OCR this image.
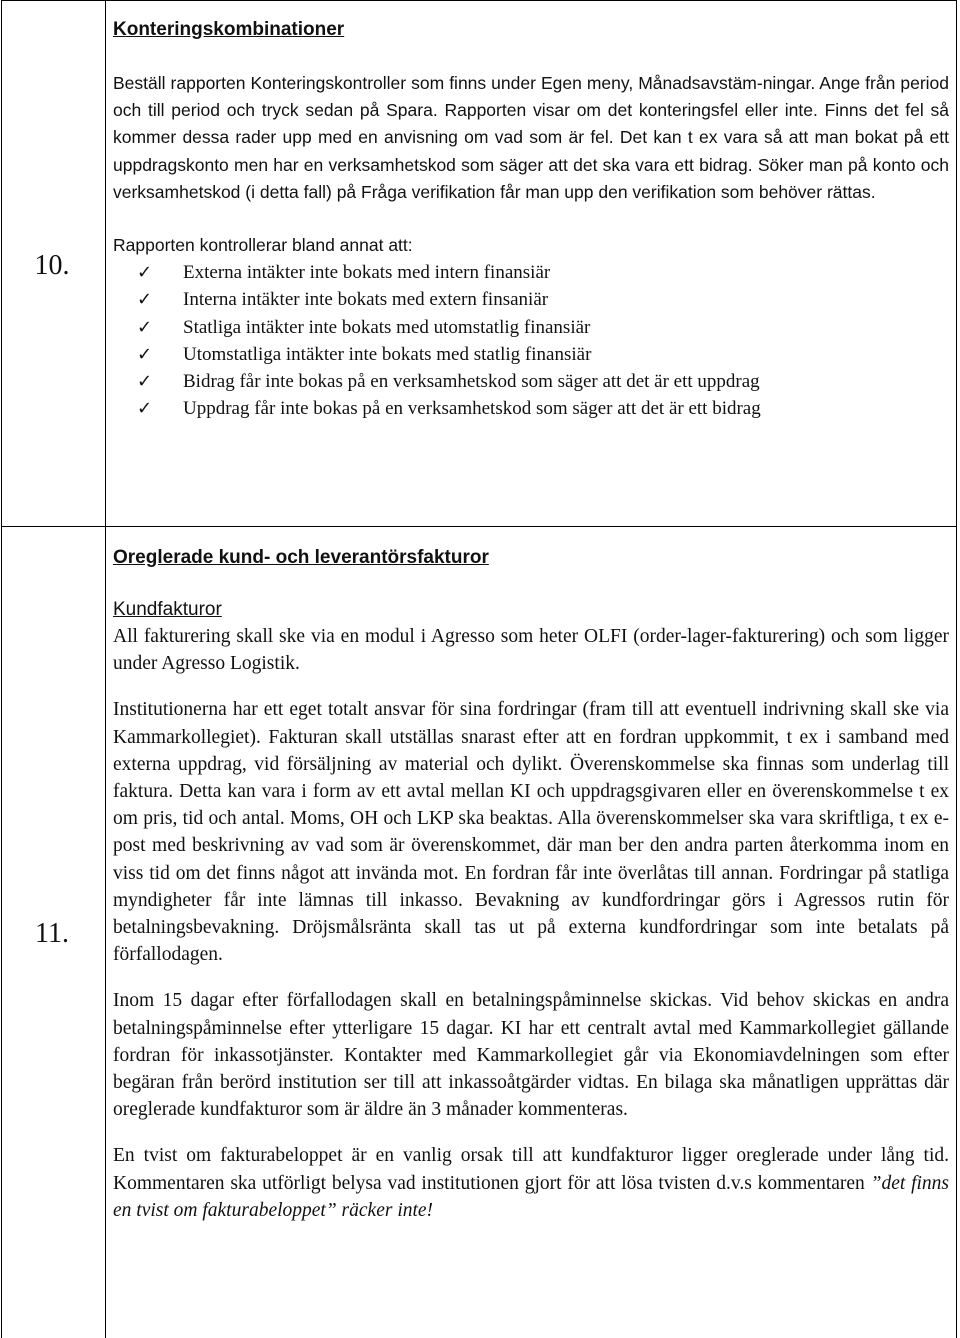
10.
Konteringskombinationer

Beställ rapporten Konteringskontroller som finns under Egen meny, Månadsavstäm-ningar. Ange från period och till period och tryck sedan på Spara. Rapporten visar om det konteringsfel eller inte. Finns det fel så kommer dessa rader upp med en anvisning om vad som är fel. Det kan t ex vara så att man bokat på ett uppdragskonto men har en verksamhetskod som säger att det ska vara ett bidrag. Söker man på konto och verksamhetskod (i detta fall) på Fråga verifikation får man upp den verifikation som behöver rättas.

Rapporten kontrollerar bland annat att:

✓ Externa intäkter inte bokats med intern finansiär
✓ Interna intäkter inte bokats med extern finsaniär
✓ Statliga intäkter inte bokats med utomstatlig finansiär
✓ Utomstatliga intäkter inte bokats med statlig finansiär
✓ Bidrag får inte bokas på en verksamhetskod som säger att det är ett uppdrag
✓ Uppdrag får inte bokas på en verksamhetskod som säger att det är ett bidrag
11.
Oreglerade kund- och leverantörsfakturor
Kundfakturor

All fakturering skall ske via en modul i Agresso som heter OLFI (order-lager-fakturering) och som ligger under Agresso Logistik.

Institutionerna har ett eget totalt ansvar för sina fordringar (fram till att eventuell indrivning skall ske via Kammarkollegiet). Fakturan skall utställas snarast efter att en fordran uppkommit, t ex i samband med externa uppdrag, vid försäljning av material och dylikt. Överenskommelse ska finnas som underlag till faktura. Detta kan vara i form av ett avtal mellan KI och uppdragsgivaren eller en överenskommelse t ex om pris, tid och antal. Moms, OH och LKP ska beaktas. Alla överenskommelser ska vara skriftliga, t ex e-post med beskrivning av vad som är överenskommet, där man ber den andra parten återkomma inom en viss tid om det finns något att invända mot. En fordran får inte överlåtas till annan. Fordringar på statliga myndigheter får inte lämnas till inkasso. Bevakning av kundfordringar görs i Agressos rutin för betalningsbevakning. Dröjsmålsränta skall tas ut på externa kundfordringar som inte betalats på förfallodagen.

Inom 15 dagar efter förfallodagen skall en betalningspåminnelse skickas. Vid behov skickas en andra betalningspåminnelse efter ytterligare 15 dagar. KI har ett centralt avtal med Kammarkollegiet gällande fordran för inkassotjänster. Kontakter med Kammarkollegiet går via Ekonomiavdelningen som efter begäran från berörd institution ser till att inkassoåtgärder vidtas. En bilaga ska månatligen upprättas där oreglerade kundfakturor som är äldre än 3 månader kommenteras.

En tvist om fakturabeloppet är en vanlig orsak till att kundfakturor ligger oreglerade under lång tid. Kommentaren ska utförligt belysa vad institutionen gjort för att lösa tvisten d.v.s kommentaren ”det finns en tvist om fakturabeloppet” räcker inte!
